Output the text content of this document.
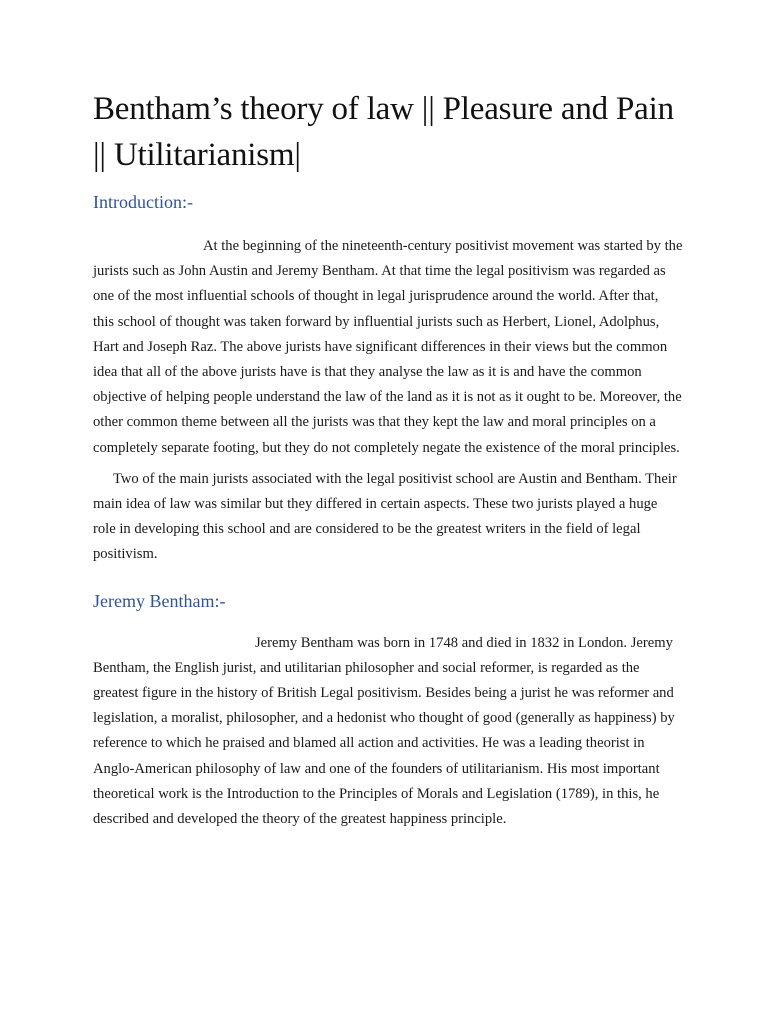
Bentham’s theory of law || Pleasure and Pain || Utilitarianism|
Introduction:-

At the beginning of the nineteenth-century positivist movement was started by the jurists such as John Austin and Jeremy Bentham. At that time the legal positivism was regarded as one of the most influential schools of thought in legal jurisprudence around the world. After that, this school of thought was taken forward by influential jurists such as Herbert, Lionel, Adolphus, Hart and Joseph Raz. The above jurists have significant differences in their views but the common idea that all of the above jurists have is that they analyse the law as it is and have the common objective of helping people understand the law of the land as it is not as it ought to be. Moreover, the other common theme between all the jurists was that they kept the law and moral principles on a completely separate footing, but they do not completely negate the existence of the moral principles.

Two of the main jurists associated with the legal positivist school are Austin and Bentham. Their main idea of law was similar but they differed in certain aspects. These two jurists played a huge role in developing this school and are considered to be the greatest writers in the field of legal positivism.

Jeremy Bentham:-

Jeremy Bentham was born in 1748 and died in 1832 in London. Jeremy Bentham, the English jurist, and utilitarian philosopher and social reformer, is regarded as the greatest figure in the history of British Legal positivism. Besides being a jurist he was reformer and legislation, a moralist, philosopher, and a hedonist who thought of good (generally as happiness) by reference to which he praised and blamed all action and activities. He was a leading theorist in Anglo-American philosophy of law and one of the founders of utilitarianism. His most important theoretical work is the Introduction to the Principles of Morals and Legislation (1789), in this, he described and developed the theory of the greatest happiness principle.
